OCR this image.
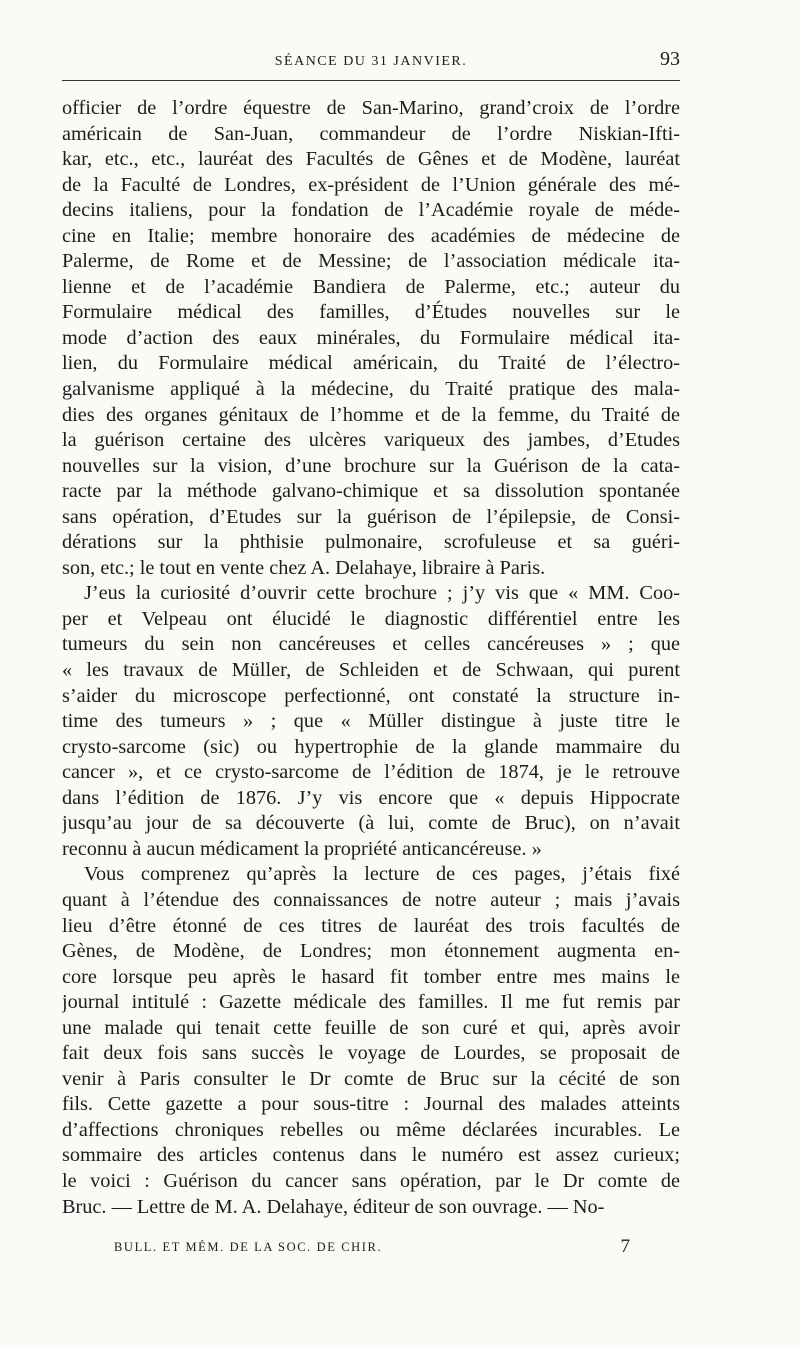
SÉANCE DU 31 JANVIER.	93

officier de l’ordre équestre de San-Marino, grand’croix de l’ordre
américain de San-Juan, commandeur de l’ordre Niskian-Ifti-
kar, etc., etc., lauréat des Facultés de Gênes et de Modène, lauréat
de la Faculté de Londres, ex-président de l’Union générale des mé-
decins italiens, pour la fondation de l’Académie royale de méde-
cine en Italie; membre honoraire des académies de médecine de
Palerme, de Rome et de Messine; de l’association médicale ita-
lienne et de l’académie Bandiera de Palerme, etc.; auteur du
Formulaire médical des familles, d’Études nouvelles sur le
mode d’action des eaux minérales, du Formulaire médical ita-
lien, du Formulaire médical américain, du Traité de l’électro-
galvanisme appliqué à la médecine, du Traité pratique des mala-
dies des organes génitaux de l’homme et de la femme, du Traité de
la guérison certaine des ulcères variqueux des jambes, d’Etudes
nouvelles sur la vision, d’une brochure sur la Guérison de la cata-
racte par la méthode galvano-chimique et sa dissolution spontanée
sans opération, d’Etudes sur la guérison de l’épilepsie, de Consi-
dérations sur la phthisie pulmonaire, scrofuleuse et sa guéri-
son, etc.; le tout en vente chez A. Delahaye, libraire à Paris.

J’eus la curiosité d’ouvrir cette brochure ; j’y vis que « MM. Coo-
per et Velpeau ont élucidé le diagnostic différentiel entre les
tumeurs du sein non cancéreuses et celles cancéreuses » ; que
« les travaux de Müller, de Schleiden et de Schwaan, qui purent
s’aider du microscope perfectionné, ont constaté la structure in-
time des tumeurs » ; que « Müller distingue à juste titre le
crysto-sarcome (sic) ou hypertrophie de la glande mammaire du
cancer », et ce crysto-sarcome de l’édition de 1874, je le retrouve
dans l’édition de 1876. J’y vis encore que « depuis Hippocrate
jusqu’au jour de sa découverte (à lui, comte de Bruc), on n’avait
reconnu à aucun médicament la propriété anticancéreuse. »

Vous comprenez qu’après la lecture de ces pages, j’étais fixé
quant à l’étendue des connaissances de notre auteur ; mais j’avais
lieu d’être étonné de ces titres de lauréat des trois facultés de
Gènes, de Modène, de Londres; mon étonnement augmenta en-
core lorsque peu après le hasard fit tomber entre mes mains le
journal intitulé : Gazette médicale des familles. Il me fut remis par
une malade qui tenait cette feuille de son curé et qui, après avoir
fait deux fois sans succès le voyage de Lourdes, se proposait de
venir à Paris consulter le Dr comte de Bruc sur la cécité de son
fils. Cette gazette a pour sous-titre : Journal des malades atteints
d’affections chroniques rebelles ou même déclarées incurables. Le
sommaire des articles contenus dans le numéro est assez curieux;
le voici : Guérison du cancer sans opération, par le Dr comte de
Bruc. — Lettre de M. A. Delahaye, éditeur de son ouvrage. — No-

BULL. ET MÉM. DE LA SOC. DE CHIR.	7
